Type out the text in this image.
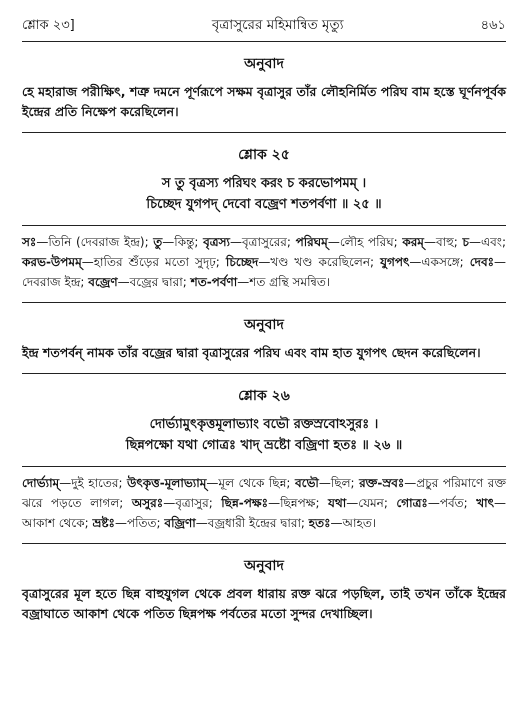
শ্লোক ২৩]	বৃত্রাসুরের মহিমান্বিত মৃত্যু	৪৬১
অনুবাদ
হে মহারাজ পরীক্ষিৎ, শত্রু দমনে পূর্ণরূপে সক্ষম বৃত্রাসুর তাঁর লৌহনির্মিত পরিঘ বাম হস্তে ঘূর্ণনপূর্বক ইন্দ্রের প্রতি নিক্ষেপ করেছিলেন।
শ্লোক ২৫
স তু বৃত্রস্য পরিঘং করং চ করভোপমম্ ।
চিচ্ছেদ যুগপদ্ দেবো বজ্রেণ শতপর্বণা ॥ ২৫ ॥
সঃ—তিনি (দেবরাজ ইন্দ্র); তু—কিন্তু; বৃত্রস্য—বৃত্রাসুরের; পরিঘম্—লৌহ পরিঘ; করম্—বাহু; চ—এবং; করভ-উপমম্—হাতির শুঁড়ের মতো সুদৃঢ়; চিচ্ছেদ—খণ্ড খণ্ড করেছিলেন; যুগপৎ—একসঙ্গে; দেবঃ—দেবরাজ ইন্দ্র; বজ্রেণ—বজ্রের দ্বারা; শত-পর্বণা—শত গ্রন্থি সমন্বিত।
অনুবাদ
ইন্দ্র শতপর্বন্ নামক তাঁর বজ্রের দ্বারা বৃত্রাসুরের পরিঘ এবং বাম হাত যুগপৎ ছেদন করেছিলেন।
শ্লোক ২৬
দোর্ভ্যামুৎকৃত্তমূলাভ্যাং বভৌ রক্তস্রবোঽসুরঃ ।
ছিন্নপক্ষো যথা গোত্রঃ খাদ্ ভ্রষ্টো বজ্রিণা হতঃ ॥ ২৬ ॥
দোর্ভ্যাম্—দুই হাতের; উৎকৃত্ত-মূলাভ্যাম্—মূল থেকে ছিন্ন; বভৌ—ছিল; রক্ত-স্রবঃ—প্রচুর পরিমাণে রক্ত ঝরে পড়তে লাগল; অসুরঃ—বৃত্রাসুর; ছিন্ন-পক্ষঃ—ছিন্নপক্ষ; যথা—যেমন; গোত্রঃ—পর্বত; খাৎ—আকাশ থেকে; ভ্রষ্টঃ—পতিত; বজ্রিণা—বজ্রধারী ইন্দ্রের দ্বারা; হতঃ—আহত।
অনুবাদ
বৃত্রাসুরের মূল হতে ছিন্ন বাহুযুগল থেকে প্রবল ধারায় রক্ত ঝরে পড়ছিল, তাই তখন তাঁকে ইন্দ্রের বজ্রাঘাতে আকাশ থেকে পতিত ছিন্নপক্ষ পর্বতের মতো সুন্দর দেখাচ্ছিল।
